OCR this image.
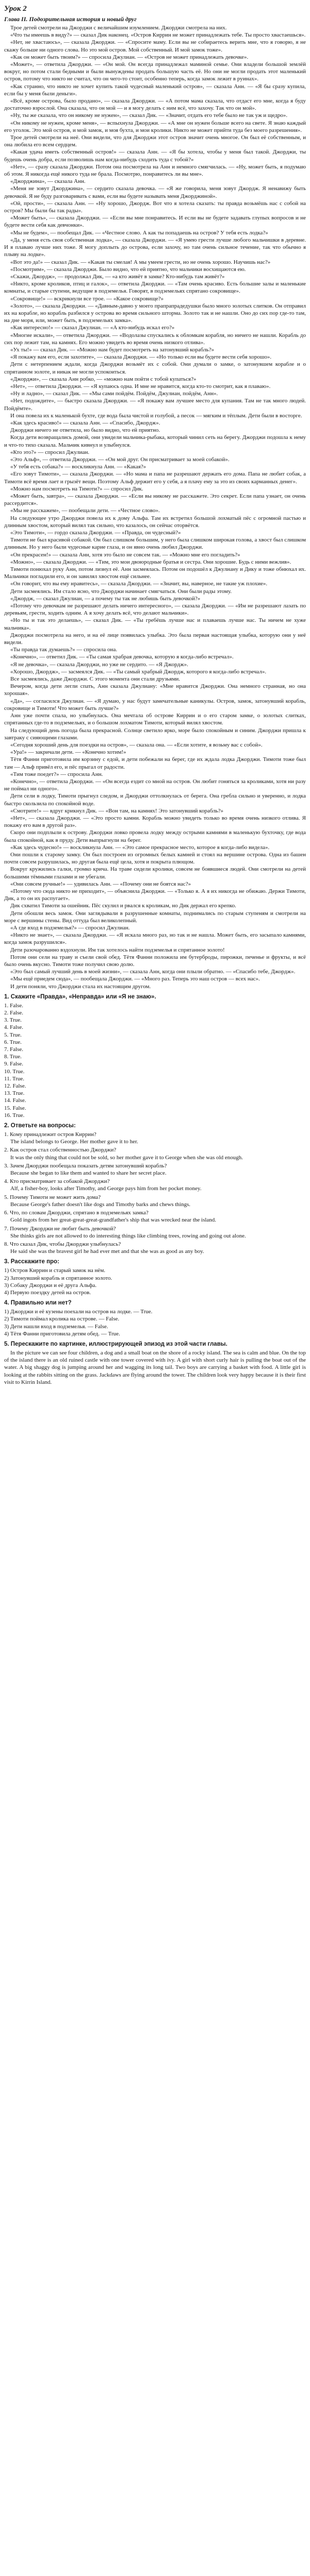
Урок 2
Глава II. Подозрительная история и новый друг

Трое детей смотрели на Джорджи с величайшим изумлением. Джорджи смотрела на них.

«Что ты имеешь в виду?» — сказал Дик наконец. «Остров Киррин не может принадлежать тебе. Ты просто хвастаешься».

«Нет, не хвастаюсь», — сказала Джорджи. — «Спросите маму. Если вы не собираетесь верить мне, что я говорю, я не скажу больше ни одного слова. Но это мой остров. Мой собственный. И мой замок тоже».

«Как он может быть твоим?» — спросила Джулиан. — «Остров не может принадлежать девочке».

«Может», — ответила Джорджи. — «Он мой. Он всегда принадлежал маминой семье. Они владели большой землёй вокруг, но потом стали бедными и были вынуждены продать большую часть её. Но они не могли продать этот маленький остров, потому что никто не считал, что он чего-то стоит, особенно теперь, когда замок лежит в руинах».

«Как странно, что никто не хочет купить такой чудесный маленький остров», — сказала Анн. — «Я бы сразу купила, если бы у меня были деньги».

«Всё, кроме острова, было продано», — сказала Джорджи. — «А потом мама сказала, что отдаст его мне, когда я буду достаточно взрослой. Она сказала, что он мой — и я могу делать с ним всё, что захочу. Так что он мой».

«Ну, ты же сказала, что он никому не нужен», — сказал Дик. — «Значит, отдать его тебе было не так уж и щедро».

«Он никому не нужен, кроме меня», — вспыхнула Джорджи. — «А мне он нужен больше всего на свете. Я знаю каждый его уголок. Это мой остров, и мой замок, и моя бухта, и мои кролики. Никто не может прийти туда без моего разрешения».

Трое детей смотрели на неё. Они видели, что для Джорджи этот остров значит очень многое. Он был её собственным, и она любила его всем сердцем.

«Какая удача иметь собственный остров!» — сказала Анн. — «Я бы хотела, чтобы у меня был такой. Джорджи, ты будешь очень добра, если позволишь нам когда-нибудь сходить туда с тобой?»

«Нет», — сразу сказала Джорджи. Потом она посмотрела на Анн и немного смягчилась. — «Ну, может быть, я подумаю об этом. Я никогда ещё никого туда не брала. Посмотрю, понравитесь ли вы мне».

«Джорджина», — сказала Анн.

«Меня не зовут Джорджина», — сердито сказала девочка. — «Я же говорила, меня зовут Джордж. Я ненавижу быть девочкой. Я не буду разговаривать с вами, если вы будете называть меня Джорджиной».

«Ой, прости», — сказала Анн. — «Ну хорошо, Джордж. Вот что я хотела сказать: ты правда возьмёшь нас с собой на остров? Мы были бы так рады».

«Может быть», — сказала Джорджи. — «Если вы мне понравитесь. И если вы не будете задавать глупых вопросов и не будете вести себя как девчонки».

«Мы не будем», — пообещал Дик. — «Честное слово. А как ты попадаешь на остров? У тебя есть лодка?»

«Да, у меня есть своя собственная лодка», — сказала Джорджи. — «Я умею грести лучше любого мальчишки в деревне. И я плаваю лучше них тоже. Я могу доплыть до острова, если захочу, но там очень сильное течение, так что обычно я плыву на лодке».

«Вот это да!» — сказал Дик. — «Какая ты смелая! А мы умеем грести, но не очень хорошо. Научишь нас?»

«Посмотрим», — сказала Джорджи. Было видно, что ей приятно, что мальчики восхищаются ею.

«Скажи, Джордж», — продолжал Дик, — «а кто живёт в замке? Кто-нибудь там живёт?»

«Никто, кроме кроликов, птиц и галок», — ответила Джорджи. — «Там очень красиво. Есть большие залы и маленькие комнаты, и старые ступени, ведущие в подземелья. Говорят, в подземельях спрятано сокровище».

«Сокровище!» — вскрикнули все трое. — «Какое сокровище?»

«Золото», — сказала Джорджи. — «Давным-давно у моего прапрапрадедушки было много золотых слитков. Он отправил их на корабле, но корабль разбился у острова во время сильного шторма. Золото так и не нашли. Оно до сих пор где-то там, на дне моря, или, может быть, в подземельях замка».

«Как интересно!» — сказал Джулиан. — «А кто-нибудь искал его?»

«Многие искали», — ответила Джорджи. — «Водолазы спускались к обломкам корабля, но ничего не нашли. Корабль до сих пор лежит там, на камнях. Его можно увидеть во время очень низкого отлива».

«Ух ты!» — сказал Дик. — «Можно нам будет посмотреть на затонувший корабль?»

«Я покажу вам его, если захотите», — сказала Джорджи. — «Но только если вы будете вести себя хорошо».

Дети с нетерпением ждали, когда Джорджи возьмёт их с собой. Они думали о замке, о затонувшем корабле и о спрятанном золоте, и никак не могли успокоиться.

«Джорджи», — сказала Анн робко, — «можно нам пойти с тобой купаться?»

«Нет», — ответила Джорджи. — «Я купаюсь одна. И мне не нравится, когда кто-то смотрит, как я плаваю».

«Ну и ладно», — сказал Дик. — «Мы сами пойдём. Пойдём, Джулиан, пойдём, Анн».

«Нет, подождите», — быстро сказала Джорджи. — «Я покажу вам лучшее место для купания. Там не так много людей. Пойдёмте».

И она повела их к маленькой бухте, где вода была чистой и голубой, а песок — мягким и тёплым. Дети были в восторге.

«Как здесь красиво!» — сказала Анн. — «Спасибо, Джордж».

Джорджи ничего не ответила, но было видно, что ей приятно.

Когда дети возвращались домой, они увидели мальчика-рыбака, который чинил сеть на берегу. Джорджи подошла к нему и что-то тихо сказала. Мальчик кивнул и улыбнулся.

«Кто это?» — спросил Джулиан.

«Это Альф», — ответила Джорджи. — «Он мой друг. Он присматривает за моей собакой».

«У тебя есть собака?» — воскликнула Анн. — «Какая?»

«Его зовут Тимоти», — сказала Джорджи. — «Но мама и папа не разрешают держать его дома. Папа не любит собак, а Тимоти всё время лает и грызёт вещи. Поэтому Альф держит его у себя, а я плачу ему за это из своих карманных денег».

«Можно нам посмотреть на Тимоти?» — спросил Дик.

«Может быть, завтра», — сказала Джорджи. — «Если вы никому не расскажете. Это секрет. Если папа узнает, он очень рассердится».

«Мы не расскажем», — пообещали дети. — «Честное слово».

На следующее утро Джорджи повела их к дому Альфа. Там их встретил большой лохматый пёс с огромной пастью и длинным хвостом, который вилял так сильно, что казалось, он сейчас оторвётся.

«Это Тимоти», — гордо сказала Джорджи. — «Правда, он чудесный?»

Тимоти не был красивой собакой. Он был слишком большим, у него была слишком широкая голова, а хвост был слишком длинным. Но у него были чудесные карие глаза, и он явно очень любил Джорджи.

«Он прекрасен!» — сказала Анн, хотя это было не совсем так. — «Можно мне его погладить?»

«Можно», — сказала Джорджи. — «Тим, это мои двоюродные братья и сестра. Они хорошие. Будь с ними вежлив».

Тимоти понюхал руку Анн, потом лизнул её. Анн засмеялась. Потом он подошёл к Джулиану и Дику и тоже обнюхал их. Мальчики погладили его, и он завилял хвостом ещё сильнее.

«Он говорит, что вы ему нравитесь», — сказала Джорджи. — «Значит, вы, наверное, не такие уж плохие».

Дети засмеялись. Им стало ясно, что Джорджи начинает смягчаться. Они были рады этому.

«Джордж, — сказал Джулиан, — а почему ты так не любишь быть девочкой?»

«Потому что девочкам не разрешают делать ничего интересного», — сказала Джорджи. — «Им не разрешают лазать по деревьям, грести, ходить одним. А я хочу делать всё, что делают мальчики».

«Но ты и так это делаешь», — сказал Дик. — «Ты гребёшь лучше нас и плаваешь лучше нас. Ты ничем не хуже мальчика».

Джорджи посмотрела на него, и на её лице появилась улыбка. Это была первая настоящая улыбка, которую они у неё видели.

«Ты правда так думаешь?» — спросила она.

«Конечно», — ответил Дик. — «Ты самая храбрая девочка, которую я когда-либо встречал».

«Я не девочка», — сказала Джорджи, но уже не сердито. — «Я Джордж».

«Хорошо, Джордж», — засмеялся Дик. — «Ты самый храбрый Джордж, которого я когда-либо встречал».

Все засмеялись, даже Джорджи. С этого момента они стали друзьями.

Вечером, когда дети легли спать, Анн сказала Джулиану: «Мне нравится Джорджи. Она немного странная, но она хорошая».

«Да», — согласился Джулиан. — «Я думаю, у нас будут замечательные каникулы. Остров, замок, затонувший корабль, сокровище и Тимоти! Что может быть лучше?»

Анн уже почти спала, но улыбнулась. Она мечтала об острове Киррин и о его старом замке, о золотых слитках, спрятанных где-то в подземельях, и о большом лохматом Тимоти, который вилял хвостом.

На следующий день погода была прекрасной. Солнце светило ярко, море было спокойным и синим. Джорджи пришла к завтраку с сияющими глазами.

«Сегодня хороший день для поездки на остров», — сказала она. — «Если хотите, я возьму вас с собой».

«Ура!» — закричали дети. — «Конечно хотим!»

Тётя Фанни приготовила им корзину с едой, и дети побежали на берег, где их ждала лодка Джорджи. Тимоти тоже был там — Альф привёл его, и пёс прыгал от радости.

«Тим тоже поедет?» — спросила Анн.

«Конечно», — ответила Джорджи. — «Он всегда ездит со мной на остров. Он любит гоняться за кроликами, хотя ни разу не поймал ни одного».

Дети сели в лодку, Тимоти прыгнул следом, и Джорджи оттолкнулась от берега. Она гребла сильно и уверенно, и лодка быстро скользила по спокойной воде.

«Смотрите!» — вдруг крикнул Дик. — «Вон там, на камнях! Это затонувший корабль?»

«Нет», — сказала Джорджи. — «Это просто камни. Корабль можно увидеть только во время очень низкого отлива. Я покажу его вам в другой раз».

Скоро они подплыли к острову. Джорджи ловко провела лодку между острыми камнями в маленькую бухточку, где вода была спокойной, как в пруду. Дети выпрыгнули на берег.

«Как здесь чудесно!» — воскликнула Анн. — «Это самое прекрасное место, которое я когда-либо видела».

Они пошли к старому замку. Он был построен из огромных белых камней и стоял на вершине острова. Одна из башен почти совсем разрушилась, но другая была ещё цела, хотя и покрыта плющом.

Вокруг кружились галки, громко крича. На траве сидели кролики, совсем не боявшиеся людей. Они смотрели на детей большими тёмными глазами и не убегали.

«Они совсем ручные!» — удивилась Анн. — «Почему они не боятся нас?»

«Потому что сюда никто не приходит», — объяснила Джорджи. — «Только я. А я их никогда не обижаю. Держи Тимоти, Дик, а то он их распугает».

Дик схватил Тимоти за ошейник. Пёс скулил и рвался к кроликам, но Дик держал его крепко.

Дети обошли весь замок. Они заглядывали в разрушенные комнаты, поднимались по старым ступеням и смотрели на море с вершины стены. Вид оттуда был великолепный.

«А где вход в подземелья?» — спросил Джулиан.

«Никто не знает», — сказала Джорджи. — «Я искала много раз, но так и не нашла. Может быть, его засыпало камнями, когда замок разрушился».

Дети разочарованно вздохнули. Им так хотелось найти подземелья и спрятанное золото!

Потом они сели на траву и съели свой обед. Тётя Фанни положила им бутерброды, пирожки, печенье и фрукты, и всё было очень вкусно. Тимоти тоже получил свою долю.

«Это был самый лучший день в моей жизни», — сказала Анн, когда они плыли обратно. — «Спасибо тебе, Джордж».

«Мы ещё приедем сюда», — пообещала Джорджи. — «Много раз. Теперь это наш остров — всех нас».

И дети поняли, что Джорджи стала их настоящим другом.

1. Скажите «Правда», «Неправда» или «Я не знаю».
1. False.
2. False.
3. True.
4. False.
5. True.
6. True.
7. False.
8. True.
9. False.
10. True.
11. True.
12. False.
13. True.
14. False.
15. False.
16. True.
2. Ответьте на вопросы:
1. Кому принадлежит остров Киррин?

The island belongs to George. Her mother gave it to her.

2. Как остров стал собственностью Джорджи?

It was the only thing that could not be sold, so her mother gave it to George when she was old enough.

3. Зачем Джорджи пообещала показать детям затонувший корабль?

Because she began to like them and wanted to share her secret place.

4. Кто присматривает за собакой Джорджи?

Alf, a fisher-boy, looks after Timothy, and George pays him from her pocket money.

5. Почему Тимоти не может жить дома?

Because George's father doesn't like dogs and Timothy barks and chews things.

6. Что, по словам Джорджи, спрятано в подземельях замка?

Gold ingots from her great-great-great-grandfather's ship that was wrecked near the island.

7. Почему Джорджи не любит быть девочкой?

She thinks girls are not allowed to do interesting things like climbing trees, rowing and going out alone.

8. Что сказал Дик, чтобы Джорджи улыбнулась?

He said she was the bravest girl he had ever met and that she was as good as any boy.

3. Расскажите про:
1) Остров Киррин и старый замок на нём.
2) Затонувший корабль и спрятанное золото.
3) Собаку Джорджи и её друга Альфа.
4) Первую поездку детей на остров.
4. Правильно или нет?
1) Джорджи и её кузены поехали на остров на лодке. — True.
2) Тимоти поймал кролика на острове. — False.
3) Дети нашли вход в подземелья. — False.
4) Тётя Фанни приготовила детям обед. — True.
5. Перескажите по картинке, иллюстрирующей эпизод из этой части главы.

In the picture we can see four children, a dog and a small boat on the shore of a rocky island. The sea is calm and blue. On the top of the island there is an old ruined castle with one tower covered with ivy. A girl with short curly hair is pulling the boat out of the water. A big shaggy dog is jumping around her and wagging its long tail. Two boys are carrying a basket with food. A little girl is looking at the rabbits sitting on the grass. Jackdaws are flying around the tower. The children look very happy because it is their first visit to Kirrin Island.
